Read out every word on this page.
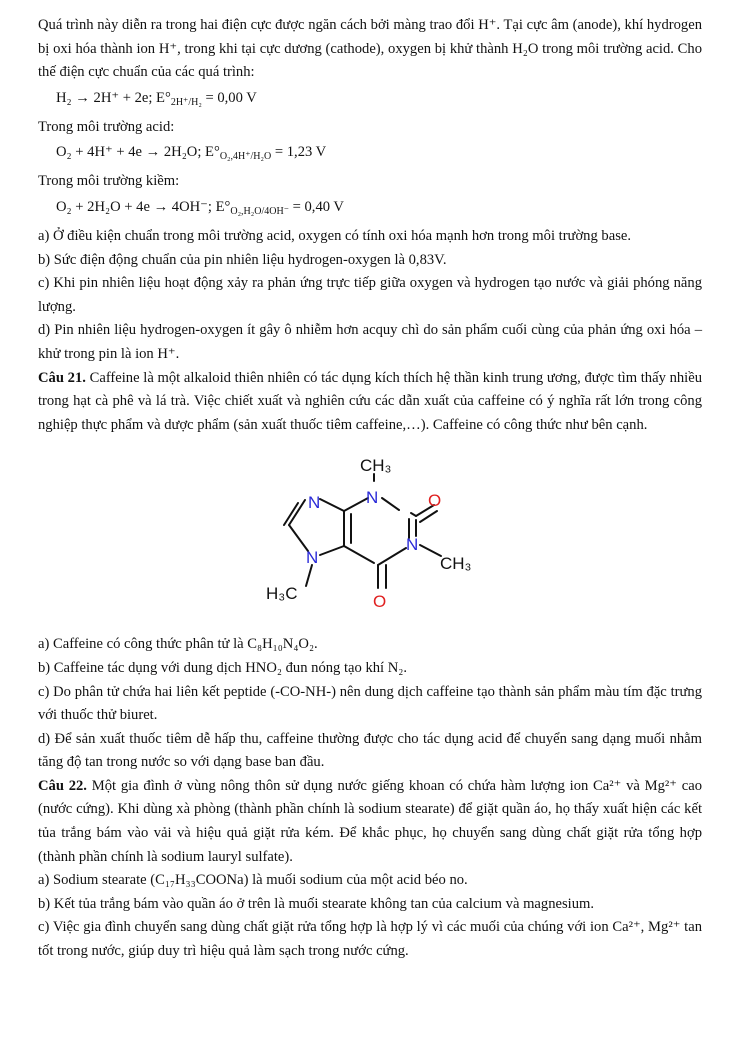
Quá trình này diễn ra trong hai điện cực được ngăn cách bởi màng trao đổi H⁺. Tại cực âm (anode), khí hydrogen bị oxi hóa thành ion H⁺, trong khi tại cực dương (cathode), oxygen bị khử thành H₂O trong môi trường acid. Cho thế điện cực chuẩn của các quá trình:

H₂ → 2H⁺ + 2e; $E^\circ_{2H^+/H_2} = 0,00$ V

Trong môi trường acid:

O₂ + 4H⁺ + 4e → 2H₂O; $E^\circ_{O_2,4H^+/H_2O} = 1,23$ V

Trong môi trường kiềm:

O₂ + 2H₂O + 4e → 4OH⁻; $E^\circ_{O_2,H_2O/4OH^-} = 0,40$ V

a) Ở điều kiện chuẩn trong môi trường acid, oxygen có tính oxi hóa mạnh hơn trong môi trường base.

b) Sức điện động chuẩn của pin nhiên liệu hydrogen-oxygen là 0,83V.

c) Khi pin nhiên liệu hoạt động xảy ra phản ứng trực tiếp giữa oxygen và hydrogen tạo nước và giải phóng năng lượng.

d) Pin nhiên liệu hydrogen-oxygen ít gây ô nhiễm hơn acquy chì do sản phẩm cuối cùng của phản ứng oxi hóa – khử trong pin là ion H⁺.

Câu 21. Caffeine là một alkaloid thiên nhiên có tác dụng kích thích hệ thần kinh trung ương, được tìm thấy nhiều trong hạt cà phê và lá trà. Việc chiết xuất và nghiên cứu các dẫn xuất của caffeine có ý nghĩa rất lớn trong công nghiệp thực phẩm và dược phẩm (sản xuất thuốc tiêm caffeine,…). Caffeine có công thức như bên cạnh.

CH₃
N	O
N
N
CH₃
N
H₃C	O

a) Caffeine có công thức phân tử là C₈H₁₀N₄O₂.

b) Caffeine tác dụng với dung dịch HNO₂ đun nóng tạo khí N₂.

c) Do phân tử chứa hai liên kết peptide (-CO-NH-) nên dung dịch caffeine tạo thành sản phẩm màu tím đặc trưng với thuốc thử biuret.

d) Để sản xuất thuốc tiêm dễ hấp thu, caffeine thường được cho tác dụng acid để chuyển sang dạng muối nhằm tăng độ tan trong nước so với dạng base ban đầu.

Câu 22. Một gia đình ở vùng nông thôn sử dụng nước giếng khoan có chứa hàm lượng ion Ca²⁺ và Mg²⁺ cao (nước cứng). Khi dùng xà phòng (thành phần chính là sodium stearate) để giặt quần áo, họ thấy xuất hiện các kết tủa trắng bám vào vải và hiệu quả giặt rửa kém. Để khắc phục, họ chuyển sang dùng chất giặt rửa tổng hợp (thành phần chính là sodium lauryl sulfate).

a) Sodium stearate (C₁₇H₃₃COONa) là muối sodium của một acid béo no.

b) Kết tủa trắng bám vào quần áo ở trên là muối stearate không tan của calcium và magnesium.

c) Việc gia đình chuyển sang dùng chất giặt rửa tổng hợp là hợp lý vì các muối của chúng với ion Ca²⁺, Mg²⁺ tan tốt trong nước, giúp duy trì hiệu quả làm sạch trong nước cứng.
